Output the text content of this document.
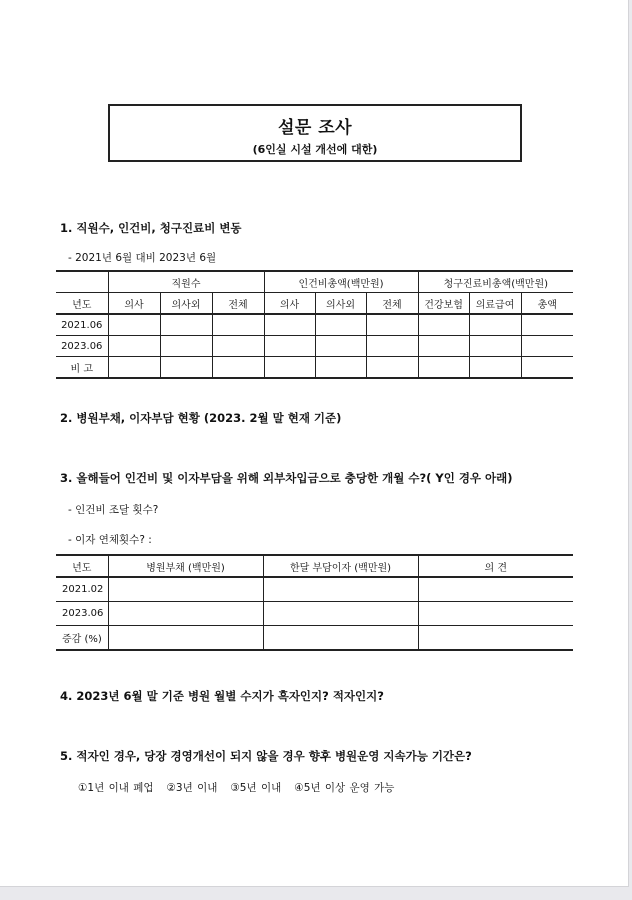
설문 조사
(6인실 시설 개선에 대한)
1. 직원수, 인건비, 청구진료비 변동
- 2021년 6월 대비 2023년 6월
	직원수			인건비총액(백만원)			청구진료비총액(백만원)		
년도	의사	의사외	전체	의사	의사외	전체	건강보험	의료급여	총액
2021.06									
2023.06									
비 고									
2. 병원부채, 이자부담 현황 (2023. 2월 말 현재 기준)
3. 올해들어 인건비 및 이자부담을 위해 외부차입금으로 충당한 개월 수?( Y인 경우 아래)
- 인건비 조달 횟수?
- 이자 연체횟수? :
년도	병원부채 (백만원)	한달 부담이자 (백만원)	의 견
2021.02			
2023.06			
증감 (%)			
4. 2023년 6월 말 기준 병원 월별 수지가 흑자인지? 적자인지?
5. 적자인 경우, 당장 경영개선이 되지 않을 경우 향후 병원운영 지속가능 기간은?
①1년 이내 폐업 ②3년 이내 ③5년 이내 ④5년 이상 운영 가능
